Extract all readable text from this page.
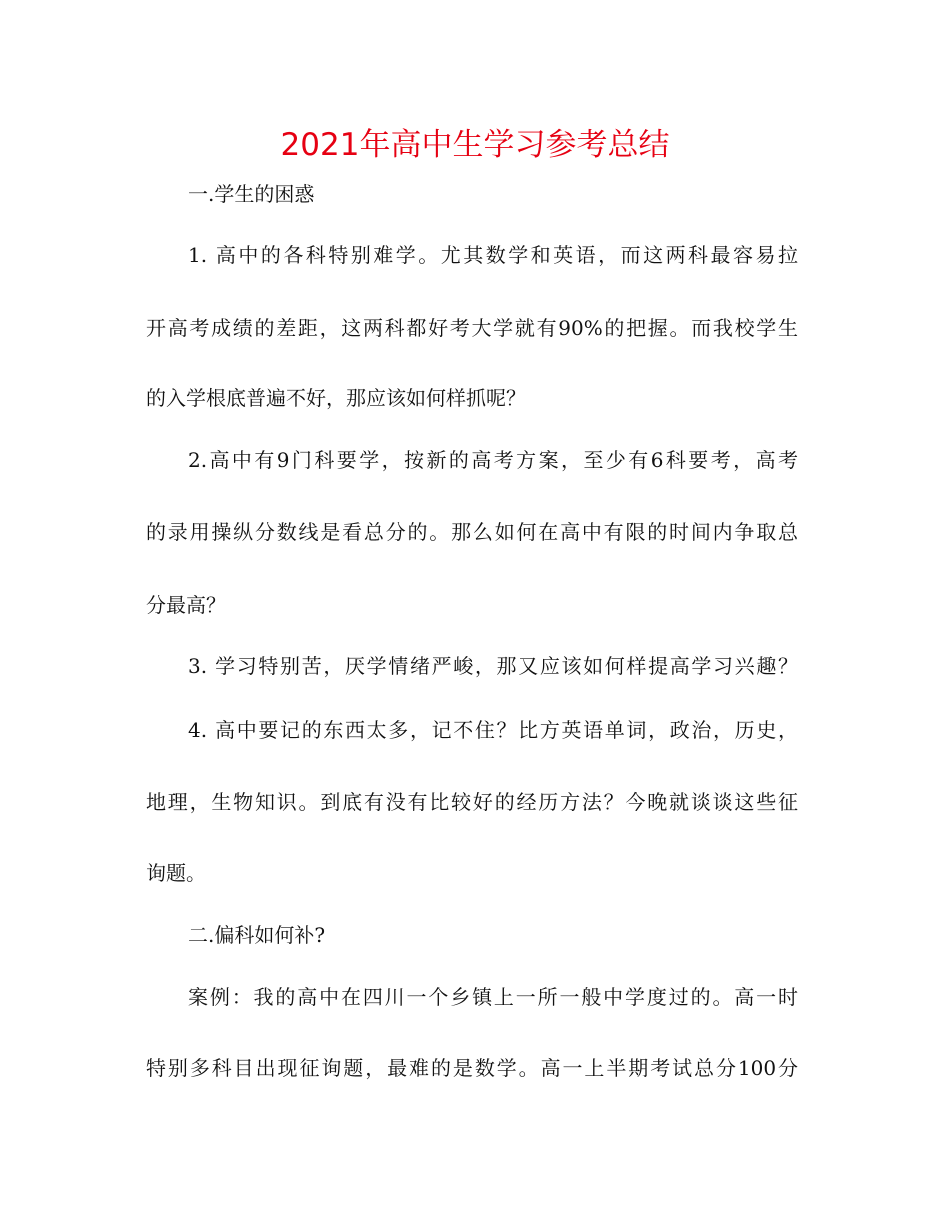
2021年高中生学习参考总结
一.学生的困惑
1. 高中的各科特别难学。尤其数学和英语，而这两科最容易拉
开高考成绩的差距，这两科都好考大学就有90%的把握。而我校学生
的入学根底普遍不好，那应该如何样抓呢？
2.高中有9门科要学，按新的高考方案，至少有6科要考，高考
的录用操纵分数线是看总分的。那么如何在高中有限的时间内争取总
分最高？
3. 学习特别苦，厌学情绪严峻，那又应该如何样提高学习兴趣？
4. 高中要记的东西太多，记不住？比方英语单词，政治，历史，
地理，生物知识。到底有没有比较好的经历方法？今晚就谈谈这些征
询题。
二.偏科如何补?
案例：我的高中在四川一个乡镇上一所一般中学度过的。高一时
特别多科目出现征询题，最难的是数学。高一上半期考试总分100分
